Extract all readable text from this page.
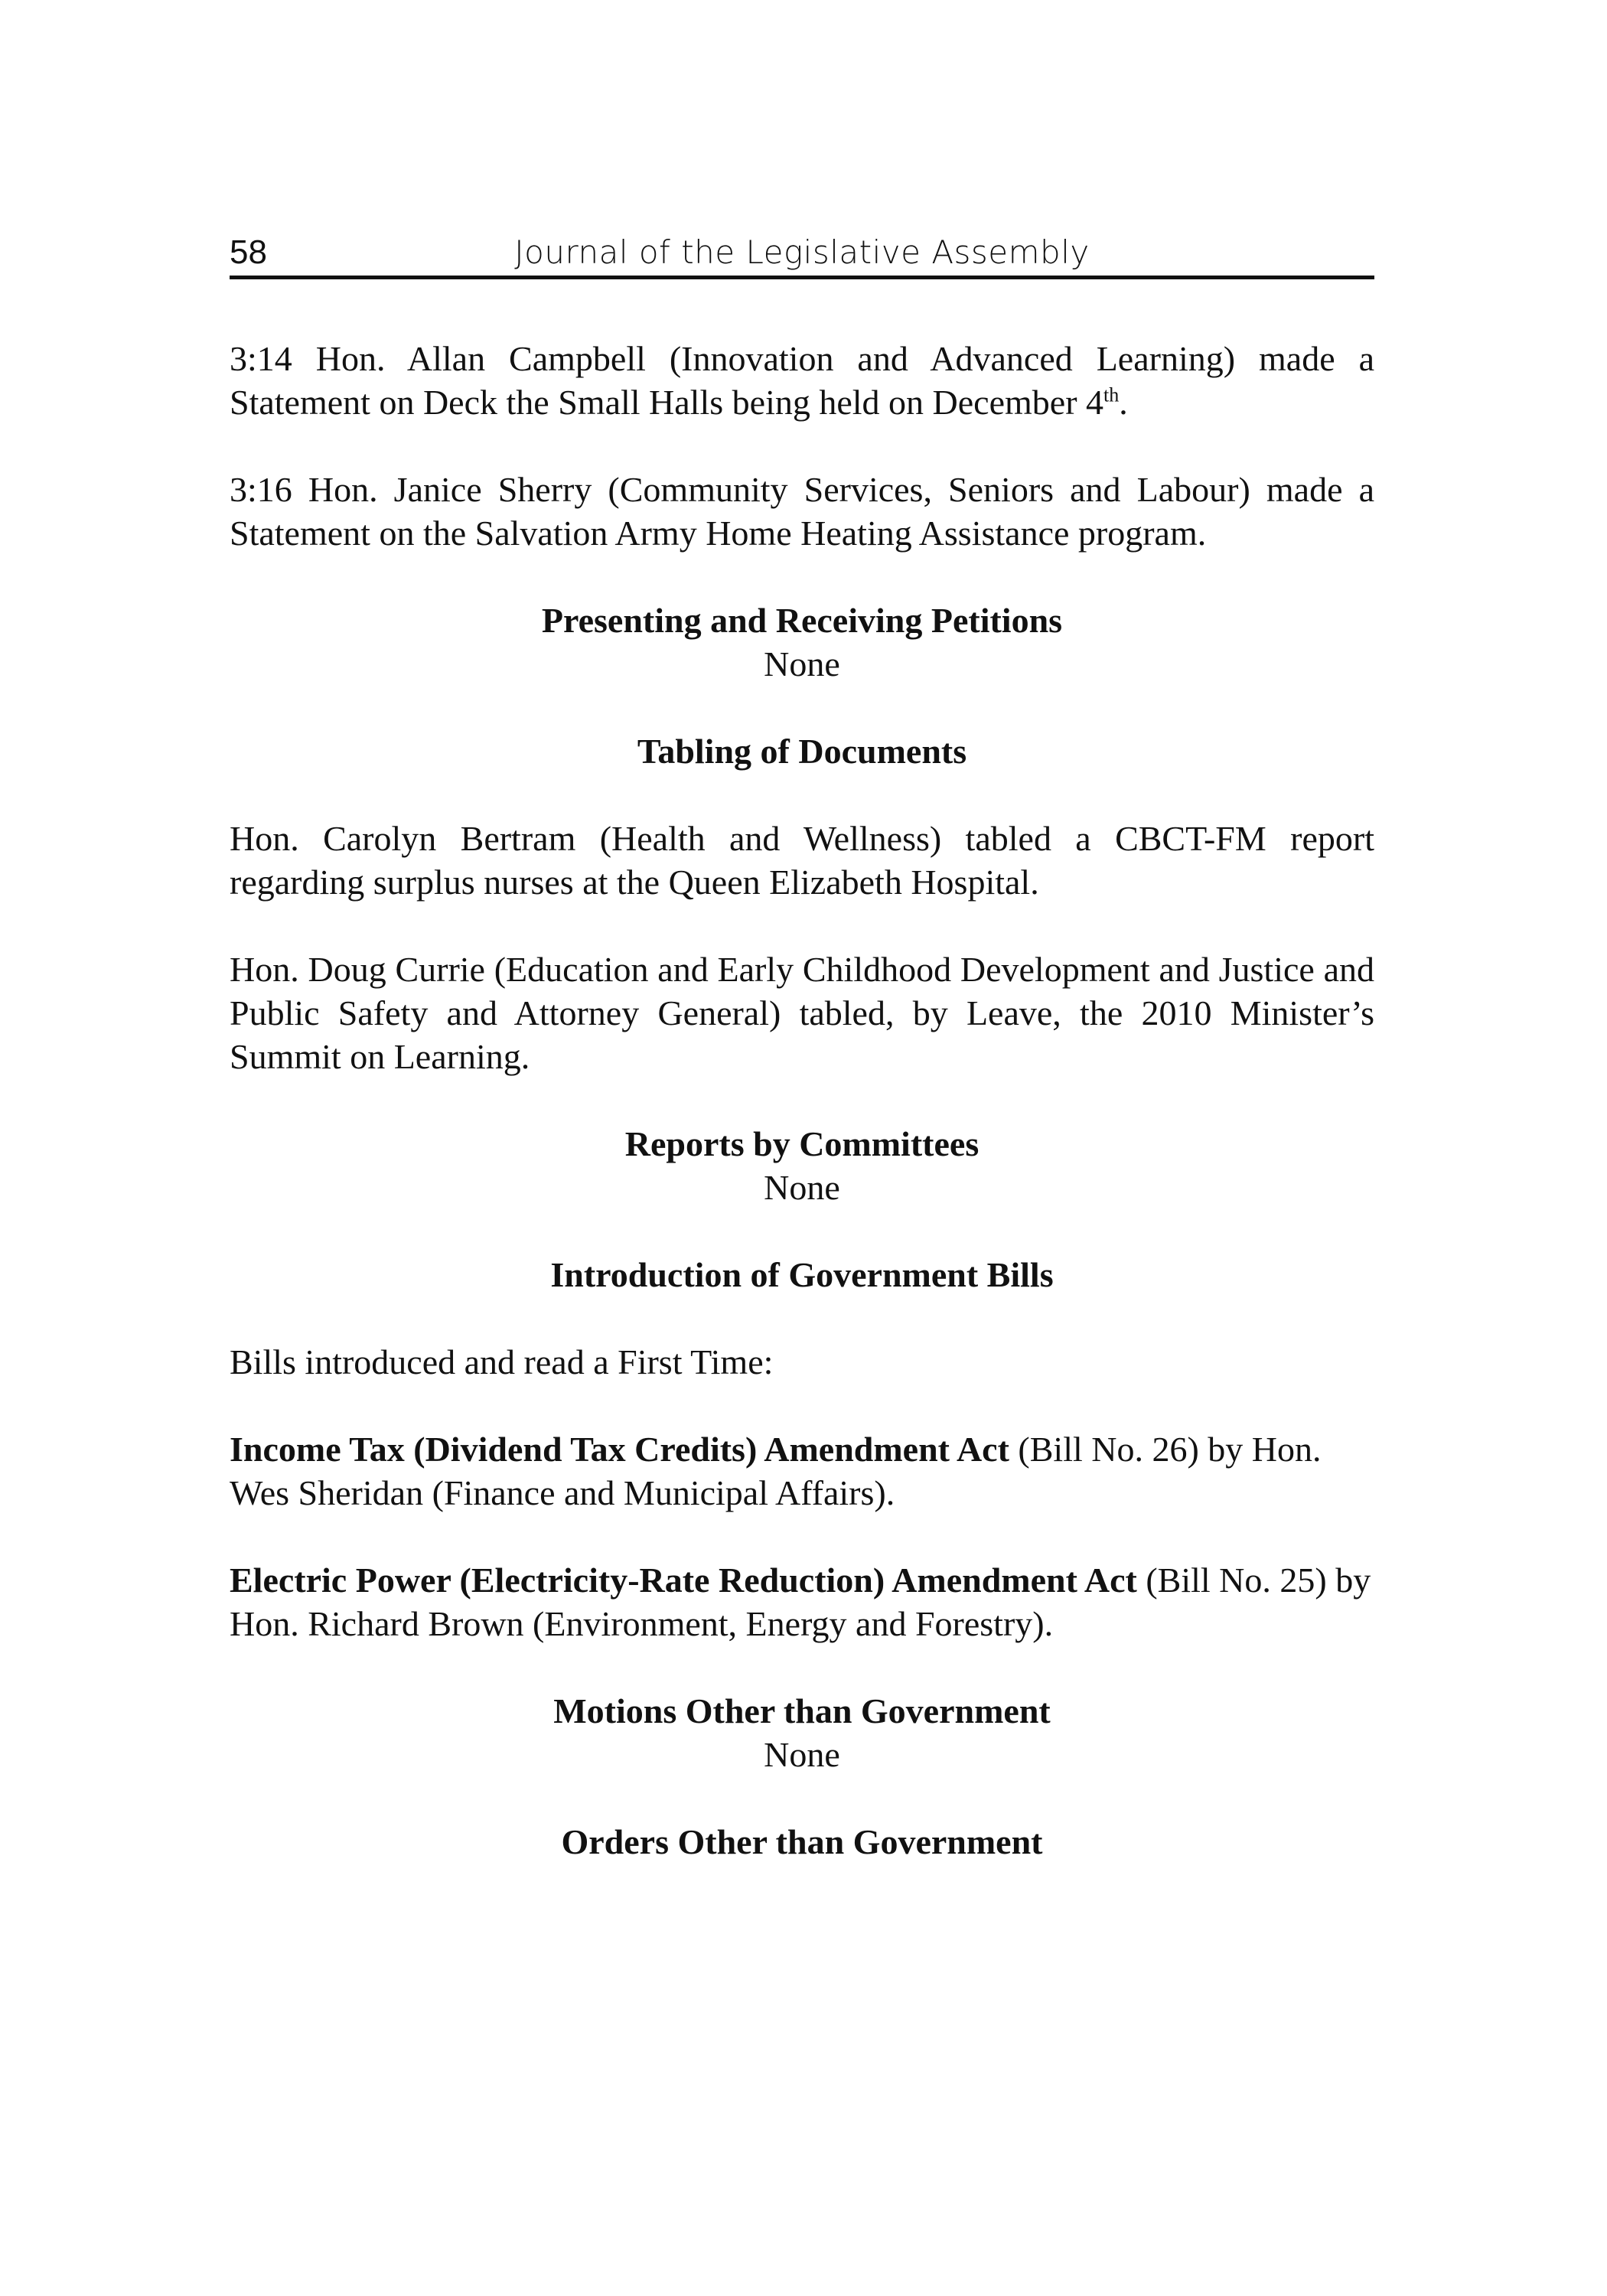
58	Journal of the Legislative Assembly

3:14 Hon. Allan Campbell (Innovation and Advanced Learning) made a Statement on Deck the Small Halls being held on December 4th.

3:16 Hon. Janice Sherry (Community Services, Seniors and Labour) made a Statement on the Salvation Army Home Heating Assistance program.

Presenting and Receiving Petitions

None

Tabling of Documents

Hon. Carolyn Bertram (Health and Wellness) tabled a CBCT-FM report regarding surplus nurses at the Queen Elizabeth Hospital.

Hon. Doug Currie (Education and Early Childhood Development and Justice and Public Safety and Attorney General) tabled, by Leave, the 2010 Minister’s Summit on Learning.

Reports by Committees

None

Introduction of Government Bills

Bills introduced and read a First Time:

Income Tax (Dividend Tax Credits) Amendment Act (Bill No. 26) by Hon. Wes Sheridan (Finance and Municipal Affairs).

Electric Power (Electricity-Rate Reduction) Amendment Act (Bill No. 25) by Hon. Richard Brown (Environment, Energy and Forestry).

Motions Other than Government

None

Orders Other than Government
